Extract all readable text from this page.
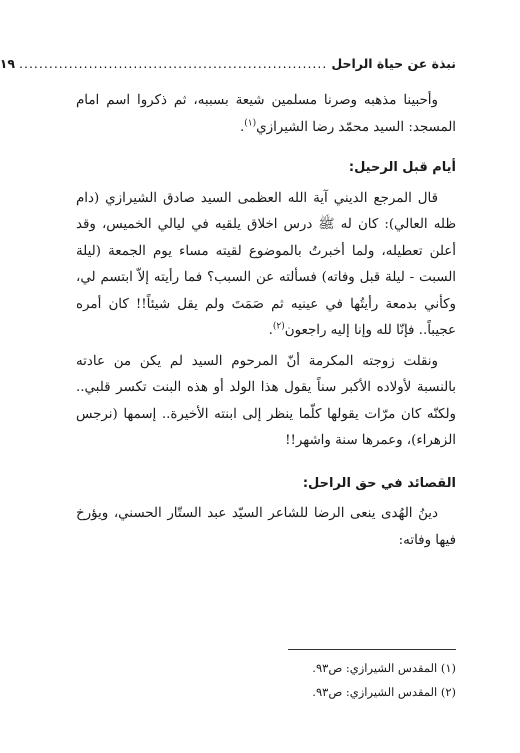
نبذة عن حياة الراحل
..............................................................
١٩

وأحبينا مذهبه وصرنا مسلمين شيعة بسببه، ثم ذكروا اسم امام المسجد: السيد محمّد رضا الشيرازي$^{(١)}$.

أيام قبل الرحيل:

قال المرجع الديني آية الله العظمى السيد صادق الشيرازي (دام ظله العالي): كان له ﷺ درس اخلاق يلقيه في ليالي الخميس، وقد أعلن تعطيله، ولما أخبرتُ بالموضوع لقيته مساء يوم الجمعة (ليلة السبت - ليلة قبل وفاته) فسألته عن السبب؟ فما رأيته إلاّ ابتسم لي، وكأني بدمعة رأيتُها في عينيه ثم صَمَتَ ولم يقل شيئاً!! كان أمره عجيباً.. فإنّا لله وإنا إليه راجعون$^{(٢)}$.

ونقلت زوجته المكرمة أنّ المرحوم السيد لم يكن من عادته بالنسبة لأولاده الأكبر سناً يقول هذا الولد أو هذه البنت تكسر قلبي.. ولكنّه كان مرّات يقولها كلّما ينظر إلى ابنته الأخيرة.. إسمها (نرجس الزهراء)، وعمرها سنة واشهر!!

القصائد في حق الراحل:

دينُ الهُدى ينعى الرضا للشاعر السيّد عبد الستّار الحسني، ويؤرخ فيها وفاته:

(١) المقدس الشيرازي: ص٩٣.

(٢) المقدس الشيرازي: ص٩٣.
